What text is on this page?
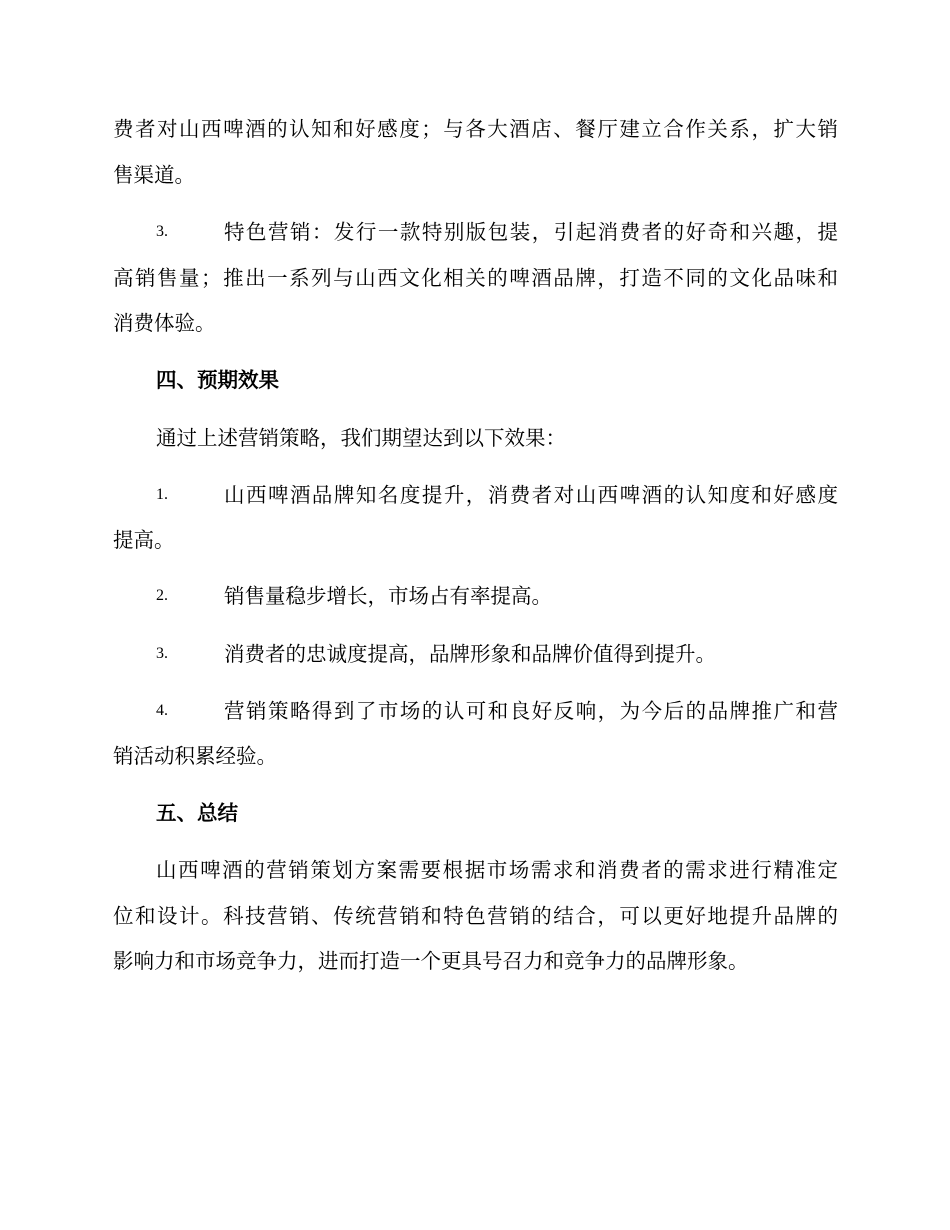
费者对山西啤酒的认知和好感度；与各大酒店、餐厅建立合作关系，扩大销
售渠道。
3.	特色营销：发行一款特别版包装，引起消费者的好奇和兴趣，提
高销售量；推出一系列与山西文化相关的啤酒品牌，打造不同的文化品味和
消费体验。
四、预期效果
通过上述营销策略，我们期望达到以下效果：
1.	山西啤酒品牌知名度提升，消费者对山西啤酒的认知度和好感度
提高。
2.	销售量稳步增长，市场占有率提高。
3.	消费者的忠诚度提高，品牌形象和品牌价值得到提升。
4.	营销策略得到了市场的认可和良好反响，为今后的品牌推广和营
销活动积累经验。
五、总结
山西啤酒的营销策划方案需要根据市场需求和消费者的需求进行精准定
位和设计。科技营销、传统营销和特色营销的结合，可以更好地提升品牌的
影响力和市场竞争力，进而打造一个更具号召力和竞争力的品牌形象。
